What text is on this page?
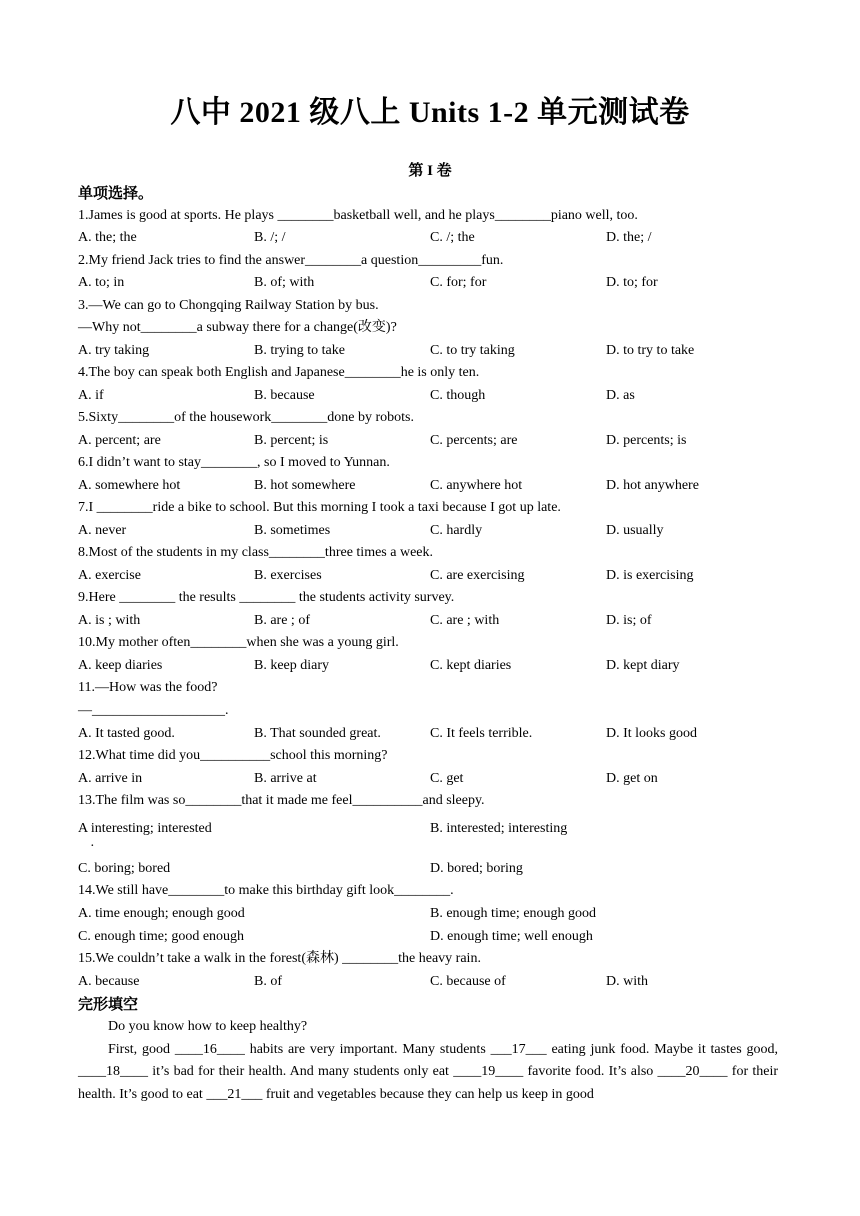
八中 2021 级八上 Units 1-2 单元测试卷
第 I 卷
单项选择。
1.James is good at sports. He plays ________basketball well, and he plays________piano well, too.
A. the; the	B. /; /	C. /; the	D. the; /
2.My friend Jack tries to find the answer________a question_________fun.
A. to; in	B. of; with	C. for; for	D. to; for
3.—We can go to Chongqing Railway Station by bus.
—Why not________a subway there for a change(改变)?
A. try taking	B. trying to take	C. to try taking	D. to try to take
4.The boy can speak both English and Japanese________he is only ten.
A. if	B. because	C. though	D. as
5.Sixty________of the housework________done by robots.
A. percent; are	B. percent; is	C. percents; are	D. percents; is
6.I didn’t want to stay________, so I moved to Yunnan.
A. somewhere hot	B. hot somewhere	C. anywhere hot	D. hot anywhere
7.I ________ride a bike to school. But this morning I took a taxi because I got up late.
A. never	B. sometimes	C. hardly	D. usually
8.Most of the students in my class________three times a week.
A. exercise	B. exercises	C. are exercising	D. is exercising
9.Here ________ the results ________ the students activity survey.
A. is ; with	B. are ; of	C. are ; with	D. is; of
10.My mother often________when she was a young girl.
A. keep diaries	B. keep diary	C. kept diaries	D. kept diary
11.—How was the food?
—___________________.
A. It tasted good.	B. That sounded great.	C. It feels terrible.	D. It looks good
12.What time did you__________school this morning?
A. arrive in	B. arrive at	C. get	D. get on
13.The film was so________that it made me feel__________and sleepy.
A interesting; interested	B. interested; interesting
·
C. boring; bored	D. bored; boring
14.We still have________to make this birthday gift look________.
A. time enough; enough good	B. enough time; enough good
C. enough time; good enough	D. enough time; well enough
15.We couldn’t take a walk in the forest(森林) ________the heavy rain.
A. because	B. of	C. because of	D. with
完形填空

Do you know how to keep healthy?

First, good ____16____ habits are very important. Many students ___17___ eating junk food. Maybe it tastes good, ____18____ it’s bad for their health. And many students only eat ____19____ favorite food. It’s also ____20____ for their health. It’s good to eat ___21___ fruit and vegetables because they can help us keep in good
